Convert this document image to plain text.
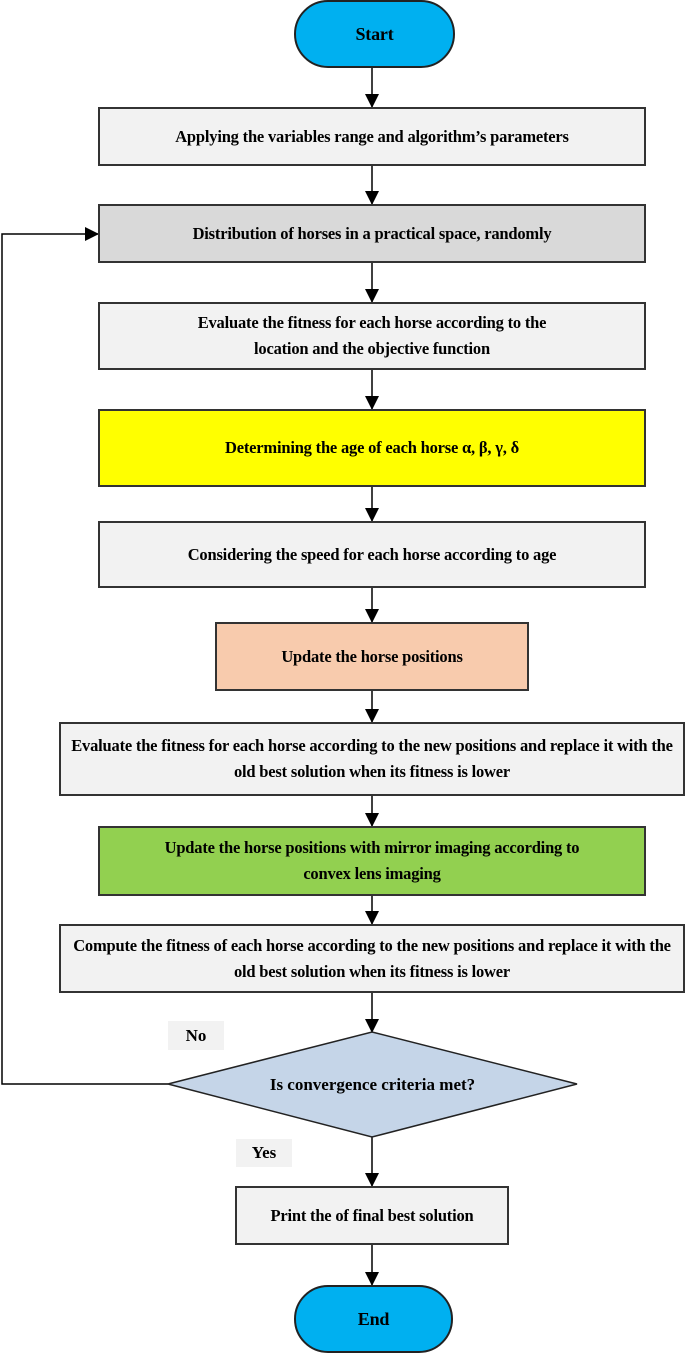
Start
Applying the variables range and algorithm’s parameters
Distribution of horses in a practical space, randomly
Evaluate the fitness for each horse according to the location and the objective function
Determining the age of each horse α, β, γ, δ
Considering the speed for each horse according to age
Update the horse positions
Evaluate the fitness for each horse according to the new positions and replace it with the old best solution when its fitness is lower
Update the horse positions with mirror imaging according to convex lens imaging
Compute the fitness of each horse according to the new positions and replace it with the old best solution when its fitness is lower
No
Is convergence criteria met?
Yes
Print the of final best solution
End
